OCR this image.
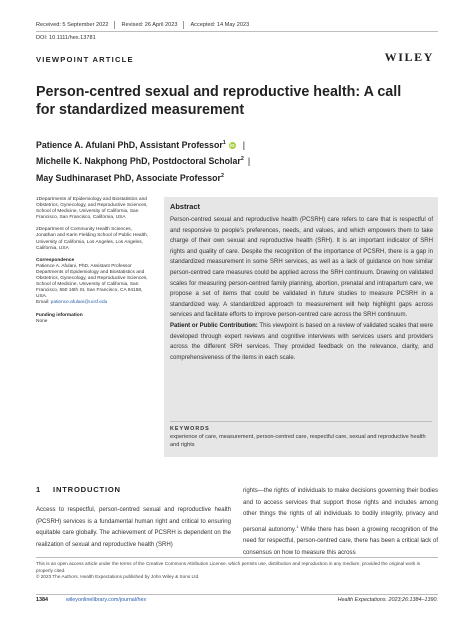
Received: 5 September 2022	Revised: 26 April 2023	Accepted: 14 May 2023
DOI: 10.1111/hex.13781
VIEWPOINT ARTICLE	WILEY
Person‐centred sexual and reproductive health: A call for standardized measurement
Patience A. Afulani PhD, Assistant Professor$^1$ iD |
Michelle K. Nakphong PhD, Postdoctoral Scholar$^2$ |
May Sudhinaraset PhD, Associate Professor$^2$

1Departments of Epidemiology and Biostatistics and Obstetrics, Gynecology, and Reproductive Sciences, School of Medicine, University of California, San Francisco, San Francisco, California, USA

2Department of Community Health Sciences, Jonathan and Karin Fielding School of Public Health, University of California, Los Angeles, Los Angeles, California, USA

Correspondence

Patience A. Afulani, PhD, Assistant Professor Departments of Epidemiology and Biostatistics and Obstetrics, Gynecology, and Reproductive Sciences, School of Medicine, University of California, San Francisco, 550 16th St, San Francisco, CA 94158, USA.

Email: patience.afulani@ucsf.edu

Funding information

None

Abstract
Person‐centred sexual and reproductive health (PCSRH) care refers to care that is respectful of and responsive to people's preferences, needs, and values, and which empowers them to take charge of their own sexual and reproductive health (SRH). It is an important indicator of SRH rights and quality of care. Despite the recognition of the importance of PCSRH, there is a gap in standardized measurement in some SRH services, as well as a lack of guidance on how similar person‐centred care measures could be applied across the SRH continuum. Drawing on validated scales for measuring person‐centred family planning, abortion, prenatal and intrapartum care, we propose a set of items that could be validated in future studies to measure PCSRH in a standardized way. A standardized approach to measurement will help highlight gaps across services and facilitate efforts to improve person‐centred care across the SRH continuum.
Patient or Public Contribution: This viewpoint is based on a review of validated scales that were developed through expert reviews and cognitive interviews with services users and providers across the different SRH services. They provided feedback on the relevance, clarity, and comprehensiveness of the items in each scale.
KEYWORDS
experience of care, measurement, person‐centred care, respectful care, sexual and reproductive health and rights
1 INTRODUCTION
Access to respectful, person‐centred sexual and reproductive health (PCSRH) services is a fundamental human right and critical to ensuring equitable care globally. The achievement of PCSRH is dependent on the realization of sexual and reproductive health (SRH)
rights—the rights of individuals to make decisions governing their bodies and to access services that support those rights and includes among other things the rights of all individuals to bodily integrity, privacy and personal autonomy.$^1$ While there has been a growing recognition of the need for respectful, person‐centred care, there has been a critical lack of consensus on how to measure this across
This is an open access article under the terms of the Creative Commons Attribution License, which permits use, distribution and reproduction in any medium, provided the original work is properly cited.
© 2023 The Authors. Health Expectations published by John Wiley & Sons Ltd.
1384	wileyonlinelibrary.com/journal/hex	Health Expectations. 2023;26:1384–1390.
